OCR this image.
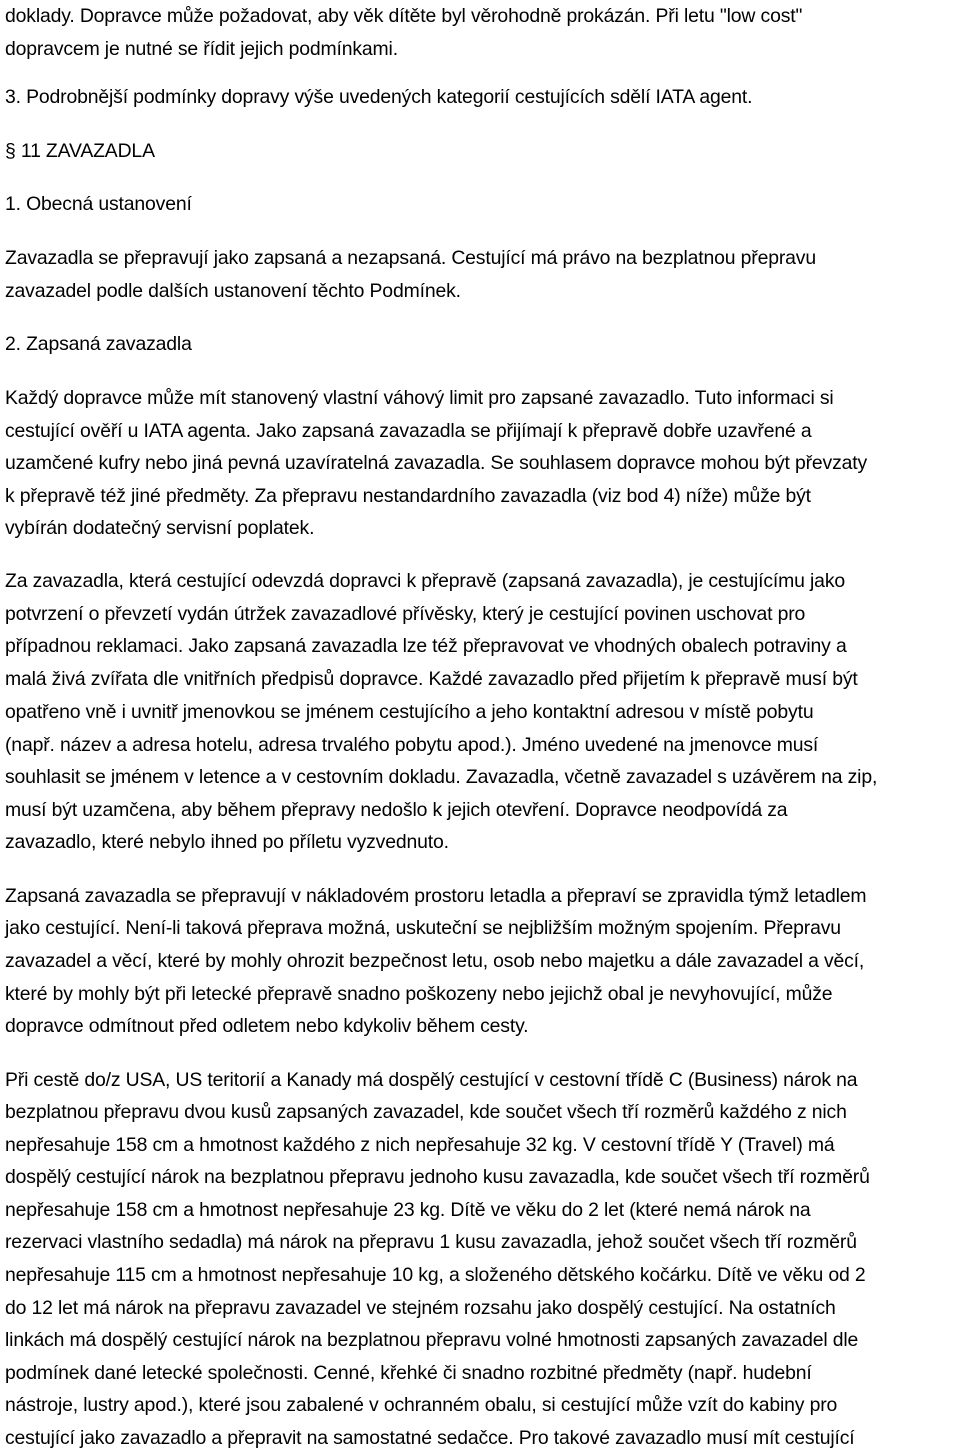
doklady. Dopravce může požadovat, aby věk dítěte byl věrohodně prokázán. Při letu "low cost"
dopravcem je nutné se řídit jejich podmínkami.
3. Podrobnější podmínky dopravy výše uvedených kategorií cestujících sdělí IATA agent.
§ 11 ZAVAZADLA
1. Obecná ustanovení
Zavazadla se přepravují jako zapsaná a nezapsaná. Cestující má právo na bezplatnou přepravu
zavazadel podle dalších ustanovení těchto Podmínek.
2. Zapsaná zavazadla
Každý dopravce může mít stanovený vlastní váhový limit pro zapsané zavazadlo. Tuto informaci si
cestující ověří u IATA agenta. Jako zapsaná zavazadla se přijímají k přepravě dobře uzavřené a
uzamčené kufry nebo jiná pevná uzavíratelná zavazadla. Se souhlasem dopravce mohou být převzaty
k přepravě též jiné předměty. Za přepravu nestandardního zavazadla (viz bod 4) níže) může být
vybírán dodatečný servisní poplatek.
Za zavazadla, která cestující odevzdá dopravci k přepravě (zapsaná zavazadla), je cestujícímu jako
potvrzení o převzetí vydán útržek zavazadlové přívěsky, který je cestující povinen uschovat pro
případnou reklamaci. Jako zapsaná zavazadla lze též přepravovat ve vhodných obalech potraviny a
malá živá zvířata dle vnitřních předpisů dopravce. Každé zavazadlo před přijetím k přepravě musí být
opatřeno vně i uvnitř jmenovkou se jménem cestujícího a jeho kontaktní adresou v místě pobytu
(např. název a adresa hotelu, adresa trvalého pobytu apod.). Jméno uvedené na jmenovce musí
souhlasit se jménem v letence a v cestovním dokladu. Zavazadla, včetně zavazadel s uzávěrem na zip,
musí být uzamčena, aby během přepravy nedošlo k jejich otevření. Dopravce neodpovídá za
zavazadlo, které nebylo ihned po příletu vyzvednuto.
Zapsaná zavazadla se přepravují v nákladovém prostoru letadla a přepraví se zpravidla týmž letadlem
jako cestující. Není-li taková přeprava možná, uskuteční se nejbližším možným spojením. Přepravu
zavazadel a věcí, které by mohly ohrozit bezpečnost letu, osob nebo majetku a dále zavazadel a věcí,
které by mohly být při letecké přepravě snadno poškozeny nebo jejichž obal je nevyhovující, může
dopravce odmítnout před odletem nebo kdykoliv během cesty.
Při cestě do/z USA, US teritorií a Kanady má dospělý cestující v cestovní třídě C (Business) nárok na
bezplatnou přepravu dvou kusů zapsaných zavazadel, kde součet všech tří rozměrů každého z nich
nepřesahuje 158 cm a hmotnost každého z nich nepřesahuje 32 kg. V cestovní třídě Y (Travel) má
dospělý cestující nárok na bezplatnou přepravu jednoho kusu zavazadla, kde součet všech tří rozměrů
nepřesahuje 158 cm a hmotnost nepřesahuje 23 kg. Dítě ve věku do 2 let (které nemá nárok na
rezervaci vlastního sedadla) má nárok na přepravu 1 kusu zavazadla, jehož součet všech tří rozměrů
nepřesahuje 115 cm a hmotnost nepřesahuje 10 kg, a složeného dětského kočárku. Dítě ve věku od 2
do 12 let má nárok na přepravu zavazadel ve stejném rozsahu jako dospělý cestující. Na ostatních
linkách má dospělý cestující nárok na bezplatnou přepravu volné hmotnosti zapsaných zavazadel dle
podmínek dané letecké společnosti. Cenné, křehké či snadno rozbitné předměty (např. hudební
nástroje, lustry apod.), které jsou zabalené v ochranném obalu, si cestující může vzít do kabiny pro
cestující jako zavazadlo a přepravit na samostatné sedačce. Pro takové zavazadlo musí mít cestující
